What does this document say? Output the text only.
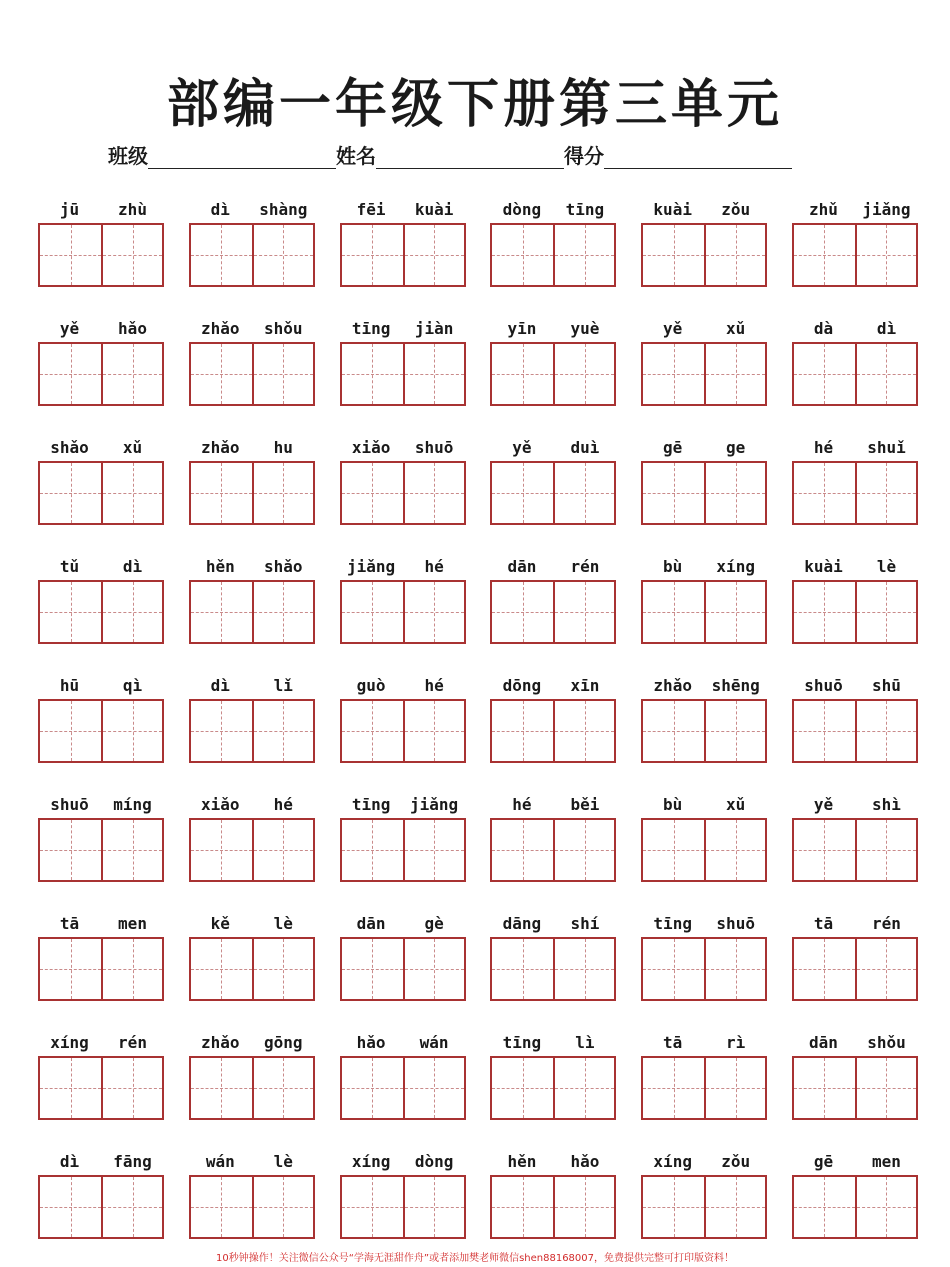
部编一年级下册第三单元
班级	姓名	得分
jū	zhù	dì	shàng	fēi	kuài	dòng	tīng	kuài	zǒu	zhǔ	jiǎng
yě	hǎo	zhǎo	shǒu	tīng	jiàn	yīn	yuè	yě	xǔ	dà	dì
shǎo	xǔ	zhǎo	hu	xiǎo	shuō	yě	duì	gē	ge	hé	shuǐ
tǔ	dì	hěn	shǎo	jiǎng	hé	dān	rén	bù	xíng	kuài	lè
hū	qì	dì	lǐ	guò	hé	dōng	xīn	zhǎo	shēng	shuō	shū
shuō	míng	xiǎo	hé	tīng	jiǎng	hé	běi	bù	xǔ	yě	shì
tā	men	kě	lè	dān	gè	dāng	shí	tīng	shuō	tā	rén
xíng	rén	zhǎo	gōng	hǎo	wán	tīng	lì	tā	rì	dān	shǒu
dì	fāng	wán	lè	xíng	dòng	hěn	hǎo	xíng	zǒu	gē	men
10秒钟操作！关注微信公众号“学海无涯甜作舟”或者添加樊老师微信shen88168007，免费提供完整可打印版资料！
